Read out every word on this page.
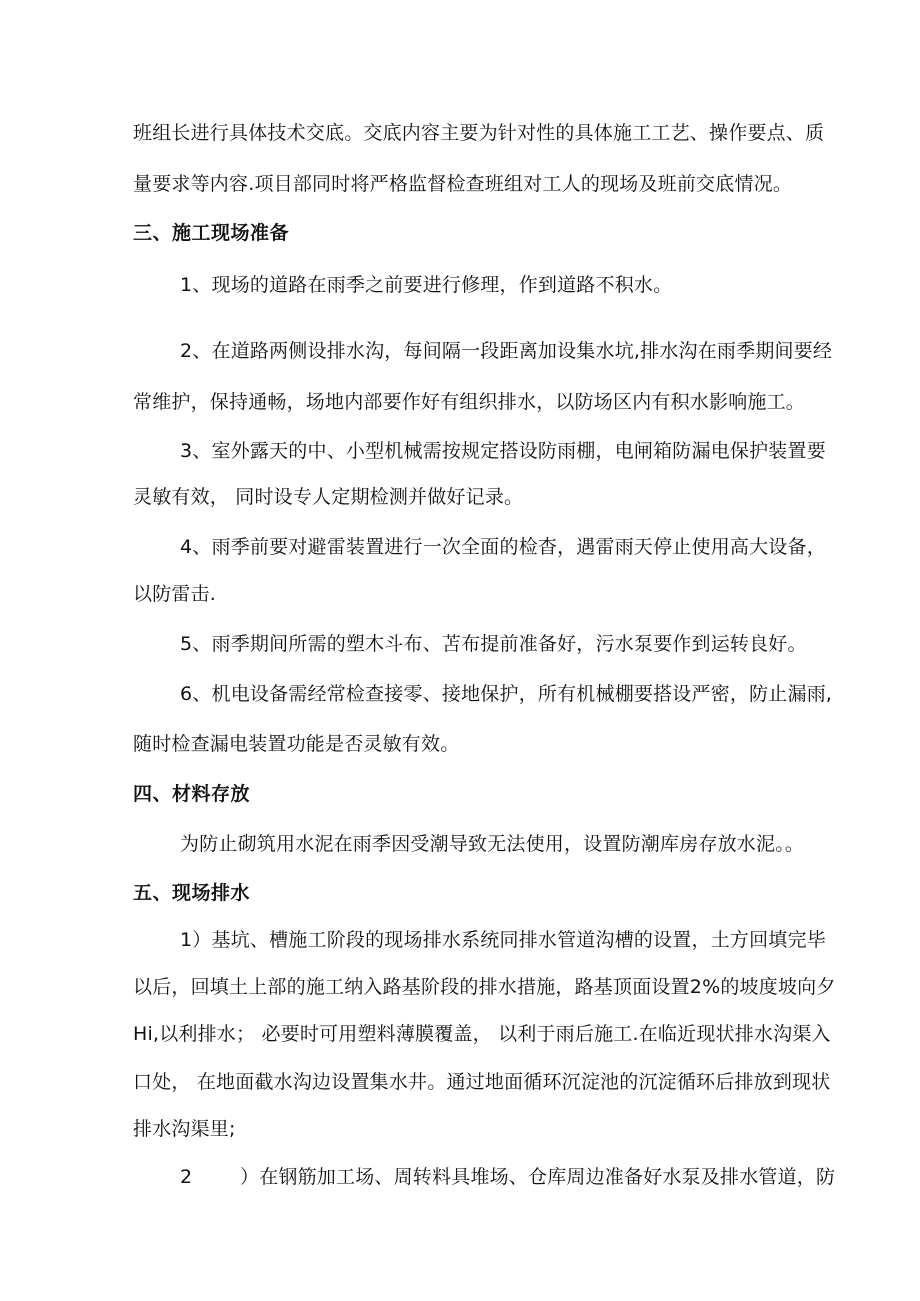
班组长进行具体技术交底。交底内容主要为针对性的具体施工工艺、操作要点、质
量要求等内容.项目部同时将严格监督检查班组对工人的现场及班前交底情况。
三、施工现场准备
1、现场的道路在雨季之前要进行修理，作到道路不积水。
2、在道路两侧设排水沟，每间隔一段距离加设集水坑,排水沟在雨季期间要经
常维护，保持通畅，场地内部要作好有组织排水，以防场区内有积水影响施工。
3、室外露天的中、小型机械需按规定搭设防雨棚，电闸箱防漏电保护装置要
灵敏有效， 同时设专人定期检测并做好记录。
4、雨季前要对避雷装置进行一次全面的检杳，遇雷雨天停止使用高大设备，
以防雷击.
5、雨季期间所需的塑木斗布、苫布提前准备好，污水泵要作到运转良好。
6、机电设备需经常检查接零、接地保护，所有机械棚要搭设严密，防止漏雨,
随时检查漏电装置功能是否灵敏有效。
四、材料存放
为防止砌筑用水泥在雨季因受潮导致无法使用，设置防潮库房存放水泥。。
五、现场排水
1）基坑、槽施工阶段的现场排水系统同排水管道沟槽的设置，土方回填完毕
以后，回填土上部的施工纳入路基阶段的排水措施，路基顶面设置2%的坡度坡向夕
Hi,以利排水； 必要时可用塑料薄膜覆盖， 以利于雨后施工.在临近现状排水沟渠入
口处， 在地面截水沟边设置集水井。通过地面循环沉淀池的沉淀循环后排放到现状
排水沟渠里;
2	）在钢筋加工场、周转料具堆场、仓库周边准备好水泵及排水管道，防
